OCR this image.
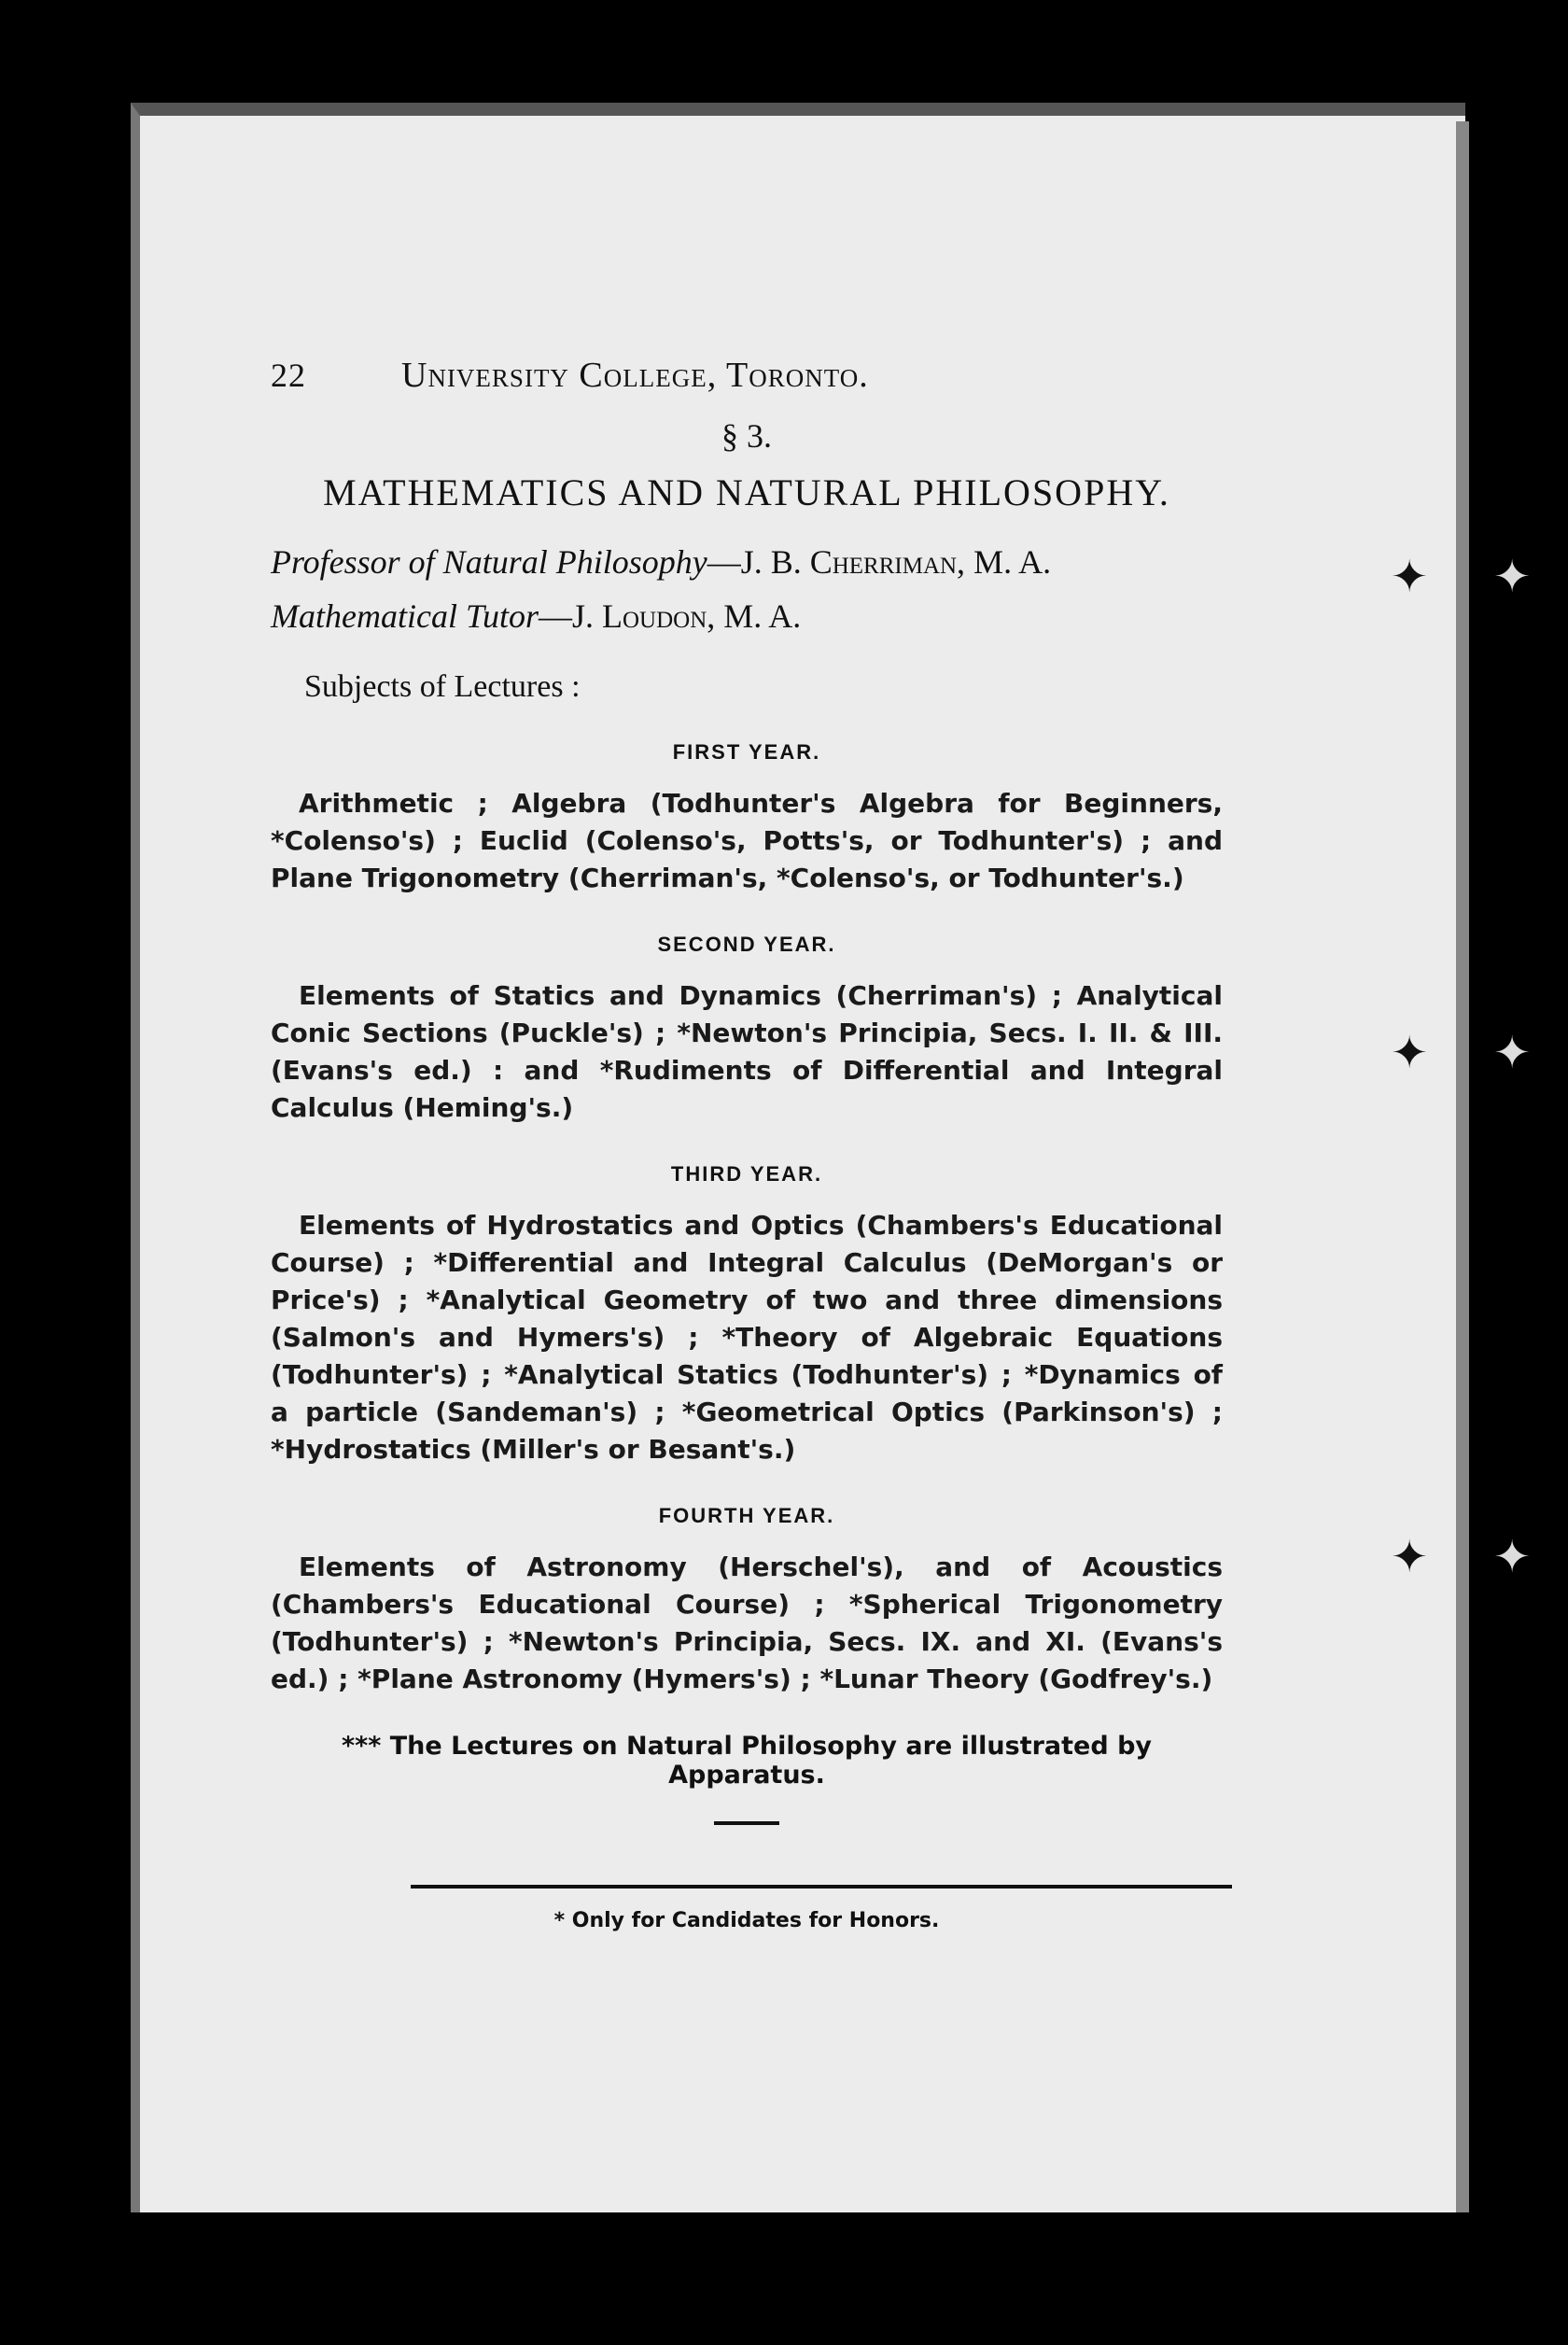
22	University College, Toronto.
§ 3.
MATHEMATICS AND NATURAL PHILOSOPHY.
Professor of Natural Philosophy—J. B. Cherriman, M. A.
Mathematical Tutor—J. Loudon, M. A.
Subjects of Lectures :
FIRST YEAR.
Arithmetic ; Algebra (Todhunter's Algebra for Beginners, *Colenso's) ; Euclid (Colenso's, Potts's, or Todhunter's) ; and Plane Trigonometry (Cherriman's, *Colenso's, or Todhunter's.)
SECOND YEAR.
Elements of Statics and Dynamics (Cherriman's) ; Analytical Conic Sections (Puckle's) ; *Newton's Principia, Secs. I. II. & III. (Evans's ed.) : and *Rudiments of Differential and Integral Calculus (Heming's.)
THIRD YEAR.
Elements of Hydrostatics and Optics (Chambers's Educational Course) ; *Differential and Integral Calculus (DeMorgan's or Price's) ; *Analytical Geometry of two and three dimensions (Salmon's and Hymers's) ; *Theory of Algebraic Equations (Todhunter's) ; *Analytical Statics (Todhunter's) ; *Dynamics of a particle (Sandeman's) ; *Geometrical Optics (Parkinson's) ; *Hydrostatics (Miller's or Besant's.)
FOURTH YEAR.
Elements of Astronomy (Herschel's), and of Acoustics (Chambers's Educational Course) ; *Spherical Trigonometry (Todhunter's) ; *Newton's Principia, Secs. IX. and XI. (Evans's ed.) ; *Plane Astronomy (Hymers's) ; *Lunar Theory (Godfrey's.)
*** The Lectures on Natural Philosophy are illustrated by Apparatus.
* Only for Candidates for Honors.
✦
✦
✦
✦
✦
✦
